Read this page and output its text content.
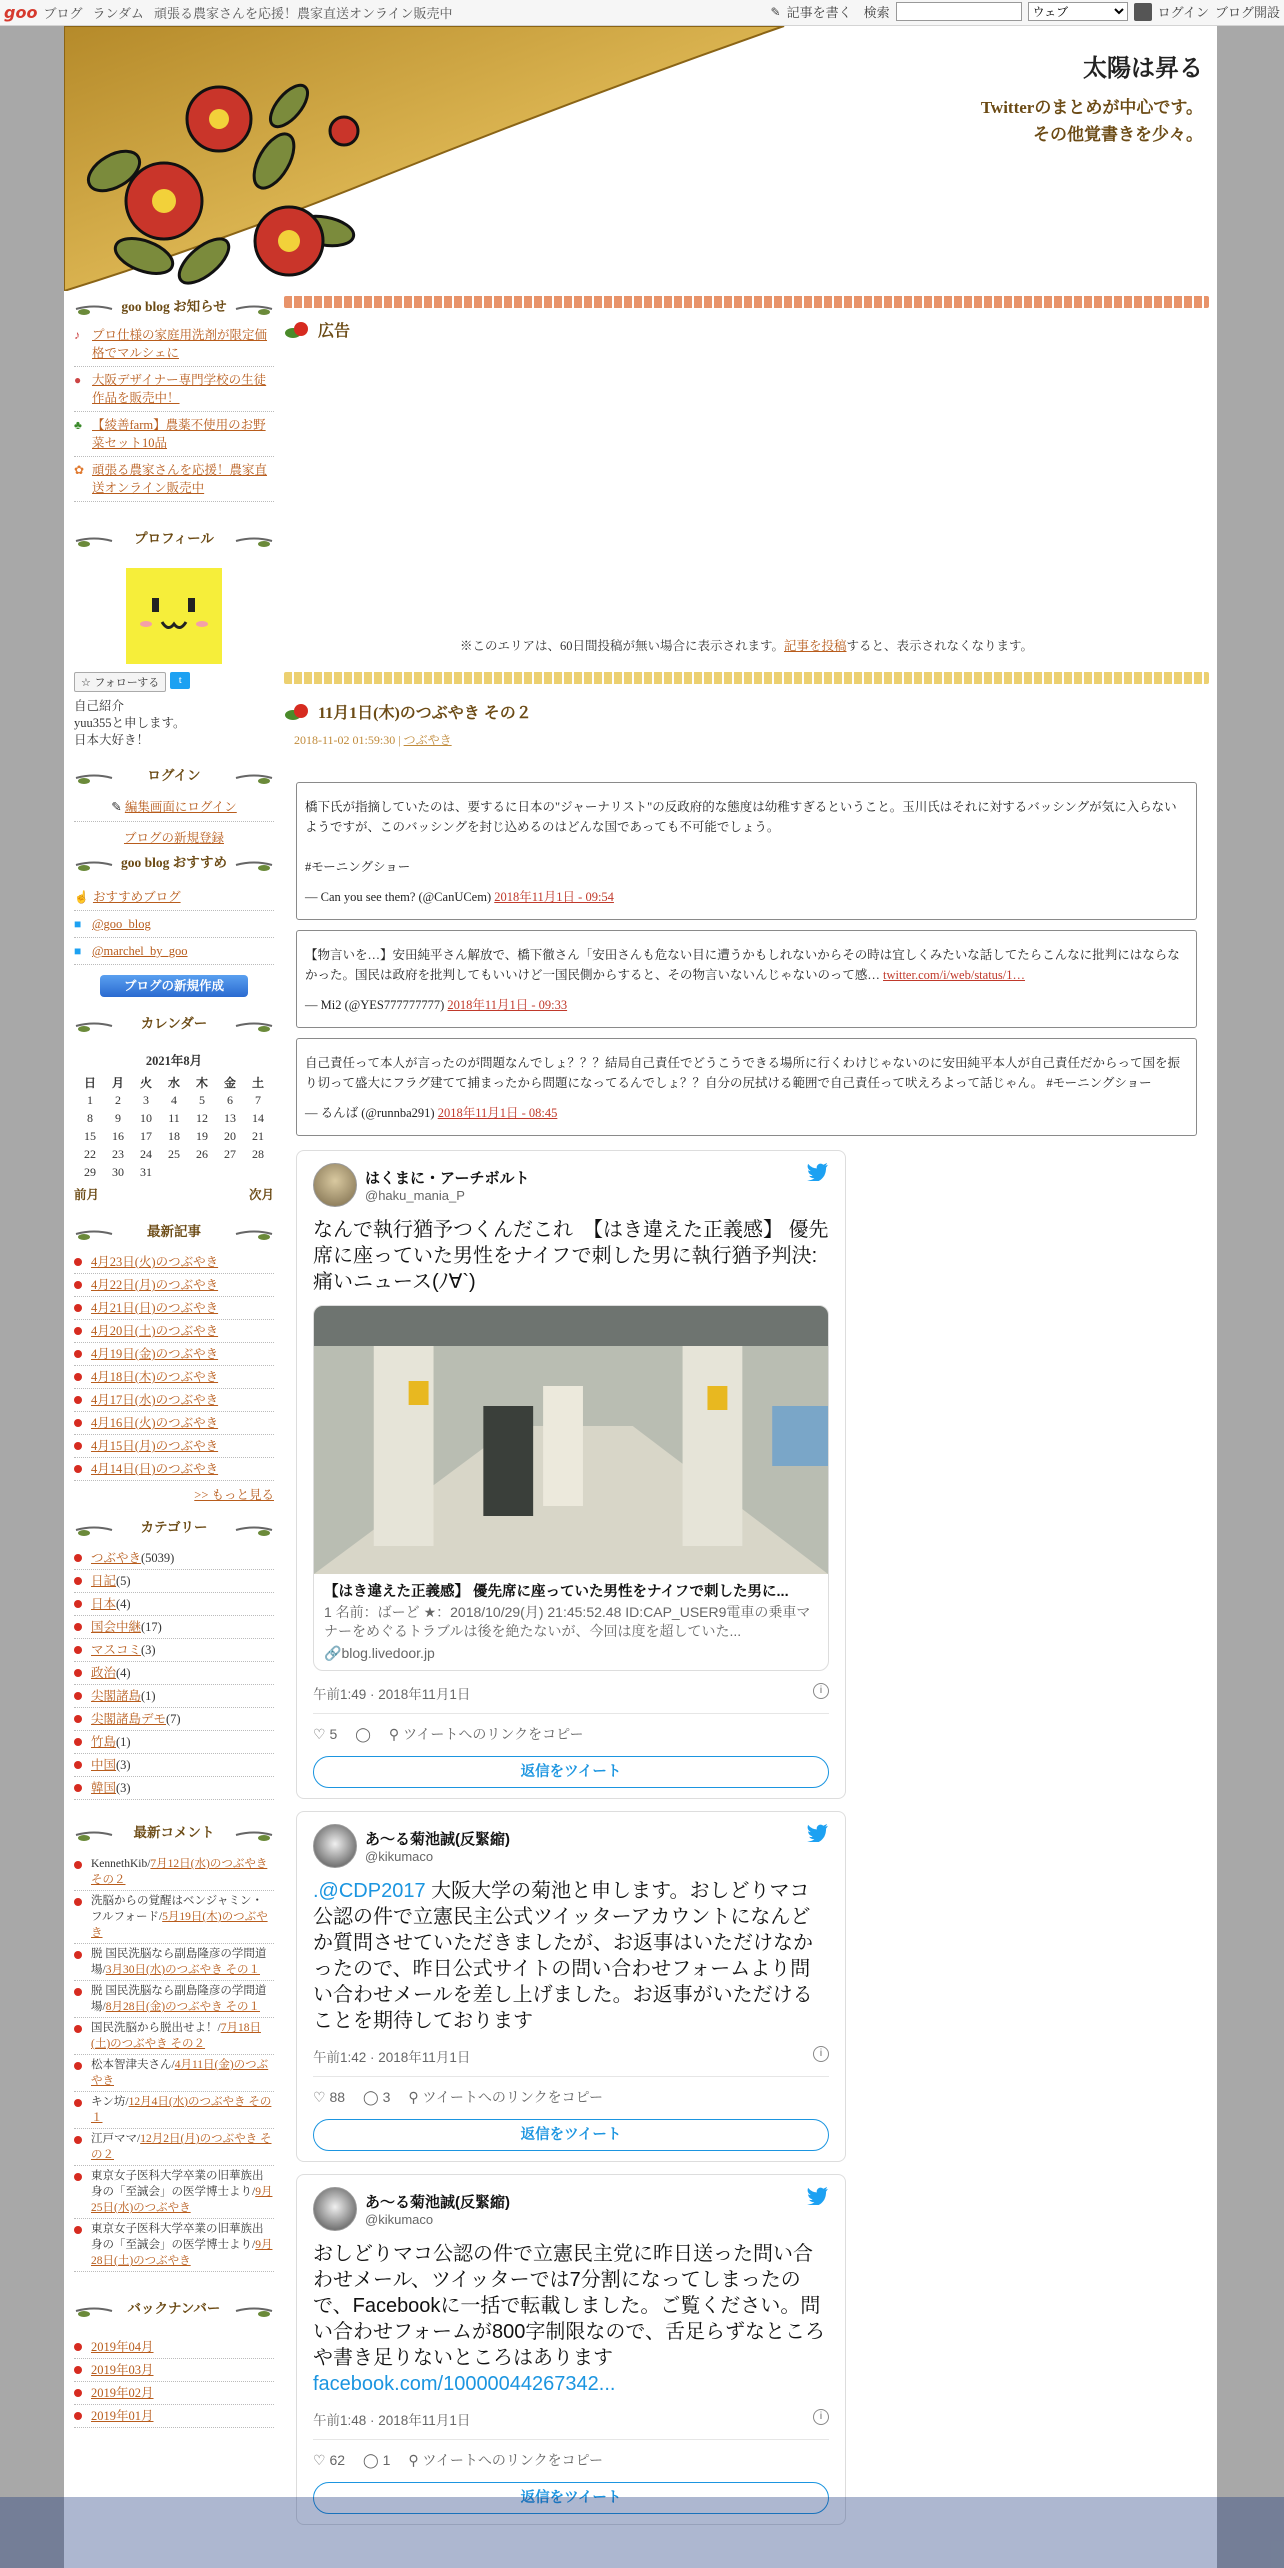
goo ブログ ランダム 頑張る農家さんを応援！農家直送オンライン販売中	✎ 記事を書く 検索
ウェブ	ログイン ブログ開設
太陽は昇る
Twitterのまとめが中心です。
その他覚書きを少々。
goo blog お知らせ
♪ プロ仕様の家庭用洗剤が限定価格でマルシェに
● 大阪デザイナー専門学校の生徒作品を販売中！
♣ 【綾善farm】農薬不使用のお野菜セット10品
✿ 頑張る農家さんを応援！農家直送オンライン販売中
プロフィール
☆ フォローする	t
自己紹介
yuu355と申します。
日本大好き！
ログイン
✎ 編集画面にログイン
ブログの新規登録
goo blog おすすめ
☝ おすすめブログ
■ @goo_blog
■ @marchel_by_goo
ブログの新規作成
カレンダー
2021年8月
日	月	火	水	木	金	土
1	2	3	4	5	6	7
8	9	10	11	12	13	14
15	16	17	18	19	20	21
22	23	24	25	26	27	28
29	30	31				
前月	次月
最新記事
4月23日(火)のつぶやき
4月22日(月)のつぶやき
4月21日(日)のつぶやき
4月20日(土)のつぶやき
4月19日(金)のつぶやき
4月18日(木)のつぶやき
4月17日(水)のつぶやき
4月16日(火)のつぶやき
4月15日(月)のつぶやき
4月14日(日)のつぶやき
>> もっと見る
カテゴリー
つぶやき(5039)
日記(5)
日本(4)
国会中継(17)
マスコミ(3)
政治(4)
尖閣諸島(1)
尖閣諸島デモ(7)
竹島(1)
中国(3)
韓国(3)
最新コメント
KennethKib/7月12日(水)のつぶやき その２
洗脳からの覚醒はベンジャミン・フルフォード/5月19日(木)のつぶやき
脱 国民洗脳なら副島隆彦の学問道場/3月30日(水)のつぶやき その１
脱 国民洗脳なら副島隆彦の学問道場/8月28日(金)のつぶやき その１
国民洗脳から脱出せよ！/7月18日(土)のつぶやき その２
松本智津夫さん/4月11日(金)のつぶやき
キン坊/12月4日(水)のつぶやき その１
江戸ママ/12月2日(月)のつぶやき その２
東京女子医科大学卒業の旧華族出身の「至誠会」の医学博士より/9月25日(水)のつぶやき
東京女子医科大学卒業の旧華族出身の「至誠会」の医学博士より/9月28日(土)のつぶやき
バックナンバー
2019年04月
2019年03月
2019年02月
2019年01月
広告
※このエリアは、60日間投稿が無い場合に表示されます。記事を投稿すると、表示されなくなります。
11月1日(木)のつぶやき その２
2018-11-02 01:59:30 | つぶやき
橋下氏が指摘していたのは、要するに日本の"ジャーナリスト"の反政府的な態度は幼稚すぎるということ。玉川氏はそれに対するバッシングが気に入らないようですが、このバッシングを封じ込めるのはどんな国であっても不可能でしょう。
#モーニングショー
— Can you see them? (@CanUCem) 2018年11月1日 - 09:54
【物言いを…】安田純平さん解放で、橋下徹さん「安田さんも危ない目に遭うかもしれないからその時は宜しくみたいな話してたらこんなに批判にはならなかった。国民は政府を批判してもいいけど一国民側からすると、その物言いないんじゃないのって感… twitter.com/i/web/status/1…
— Mi2 (@YES777777777) 2018年11月1日 - 09:33
自己責任って本人が言ったのが問題なんでしょ？？？結局自己責任でどうこうできる場所に行くわけじゃないのに安田純平本人が自己責任だからって国を振り切って盛大にフラグ建てて捕まったから問題になってるんでしょ？？自分の尻拭ける範囲で自己責任って吠えろよって話じゃん。 #モーニングショー
— るんば (@runnba291) 2018年11月1日 - 08:45
はくまに・アーチボルト
@haku_mania_P
なんで執行猶予つくんだこれ　【はき違えた正義感】 優先席に座っていた男性をナイフで刺した男に執行猶予判決:痛いニュース(ﾉ∀`)
【はき違えた正義感】 優先席に座っていた男性をナイフで刺した男に...
1 名前：ばーど ★：2018/10/29(月) 21:45:52.48 ID:CAP_USER9電車の乗車マナーをめぐるトラブルは後を絶たないが、今回は度を超していた...
🔗blog.livedoor.jp
午前1:49 · 2018年11月1日	i
♡ 5 ◯ ⚲ ツイートへのリンクをコピー
返信をツイート
あ〜る菊池誠(反緊縮)
@kikumaco
.@CDP2017 大阪大学の菊池と申します。おしどりマコ公認の件で立憲民主公式ツイッターアカウントになんどか質問させていただきましたが、お返事はいただけなかったので、昨日公式サイトの問い合わせフォームより問い合わせメールを差し上げました。お返事がいただけることを期待しております
午前1:42 · 2018年11月1日	i
♡ 88 ◯ 3 ⚲ ツイートへのリンクをコピー
返信をツイート
あ〜る菊池誠(反緊縮)
@kikumaco
おしどりマコ公認の件で立憲民主党に昨日送った問い合わせメール、ツイッターでは7分割になってしまったので、Facebookに一括で転載しました。ご覧ください。問い合わせフォームが800字制限なので、舌足らずなところや書き足りないところはあります
facebook.com/10000044267342...
午前1:48 · 2018年11月1日	i
♡ 62 ◯ 1 ⚲ ツイートへのリンクをコピー
返信をツイート
